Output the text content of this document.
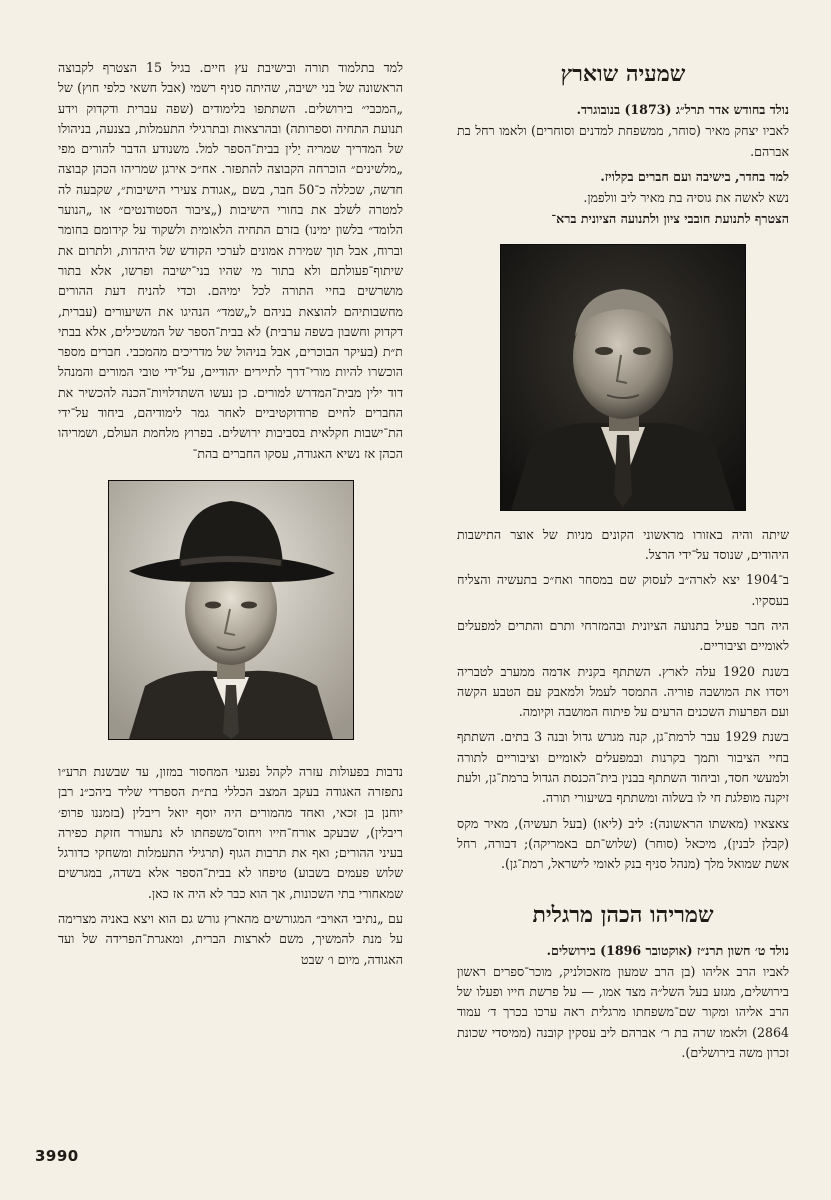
שמעיה שוארץ

נולד בחודש אדר תרל״ג (1873) בנובוגרד.

לאביו יצחק מאיר (סוחר, ממשפחת למדנים וסוחרים) ולאמו רחל בת אברהם.

למד בחדר, בישיבה ועם חברים בקלויז.

נשא לאשה את גוסיה בת מאיר ליב וולפמן.

הצטרף לתנועת חובבי ציון ולתנועה הציונית ברא־

שיתה והיה באזורו מראשוני הקונים מניות של אוצר התישבות היהודים, שנוסד על־ידי הרצל.

ב־1904 יצא לארה״ב לעסוק שם במסחר ואח״כ בתעשיה והצליח בעסקיו.

היה חבר פעיל בתנועה הציונית ובהמזרחי ותרם והתרים למפעלים לאומיים וציבוריים.

בשנת 1920 עלה לארץ. השתתף בקנית אדמה ממערב לטבריה ויסדו את המושבה פוריה. התמסר לעמל ולמאבק עם הטבע הקשה ועם הפרעות השכנים הרעים על פיתוח המושבה וקיומה.

בשנת 1929 עבר לרמת־גן, קנה מגרש גדול ובנה 3 בתים. השתתף בחיי הציבור ותמך בקרנות ובמפעלים לאומיים וציבוריים לתורה ולמעשי חסד, וביחוד השתתף בבנין בית־הכנסת הגדול ברמת־גן, ולעת זיקנה מופלגת חי לו בשלוה ומשתתף בשיעורי תורה.

צאצאיו (מאשתו הראשונה): ליב (ליאו) (בעל תעשיה), מאיר מקס (קבלן לבנין), מיכאל (סוחר) (שלוש־תם באמריקה); דבורה, רחל אשת שמואל מלך (מנהל סניף בנק לאומי לישראל, רמת־גן).

שמריהו הכהן מרגלית

נולד ט׳ חשון תרנ״ז (אוקטובר 1896) בירושלים.

לאביו הרב אליהו (בן הרב שמעון מזאכולניק, מוכר־ספרים ראשון בירושלים, מגזע בעל השל״ה מצד אמו, — על פרשת חייו ופעלו של הרב אליהו ומקור שם־משפחתו מרגלית ראה ערכו בכרך ד׳ עמוד 2864) ולאמו שרה בת ר׳ אברהם ליב עסקין קובנה (ממיסדי שכונת זכרון משה בירושלים).

למד בתלמוד תורה ובישיבת עץ חיים. בגיל 15 הצטרף לקבוצה הראשונה של בני ישיבה, שהיתה סניף רשמי (אבל חשאי כלפי חוץ) של „המכבי״ בירושלים. השתתפו בלימודים (שפה עברית ודקדוק וידע תנועת התחיה וספרותה) ובהרצאות ובתרגילי התעמלות, בצנעה, בניהולו של המדריך שמריה יַלין בבית־הספר למל. משנודע הדבר להורים מפי „מלשינים״ הוכרחה הקבוצה להתפזר. אח״כ אירגן שמריהו הכהן קבוצה חדשה, שכללה כ־50 חבר, בשם „אגודת צעירי הישיבות״, שקבעה לה למטרה לשלב את בחורי הישיבות („ציבור הסטודנטים״ או „הנוער הלומד״ בלשון ימינו) בזרם התחיה הלאומית ולשקוד על קידומם בחומר וברוח, אבל תוך שמירת אמונים לערכי הקודש של היהדות, ולתרום את שיתוף־פעולתם ולא בתור מי שהיו בני־ישיבה ופרשו, אלא בתור מושרשים בחיי התורה לכל ימיהם. וכדי להניח דעת ההורים מחשבותיהם להוצאת בניהם ל„שמד״ הנהיגו את השיעורים (עברית, דקדוק וחשבון בשפה ערבית) לא בבית־הספר של המשכילים, אלא בבתי ת״ת (בעיקר הבוכרים, אבל בניהול של מדריכים מהמכבי. חברים מספר הוכשרו להיות מורי־דרך לתיירים יהודיים, על־ידי טובי המורים והמנהל דוד ילין מבית־המדרש למורים. כן נעשו השתדלויות־הכנה להכשיר את החברים לחיים פרודוקטיביים לאחר גמר לימודיהם, ביחוד על־ידי הת־ישבות חקלאית בסביבות ירושלים. בפרוץ מלחמת העולם, ושמריהו הכהן אז נשיא האגודה, עסקו החברים בהת־

נדבות בפעולות עזרה לקהל נפגעי המחסור במזון, עד שבשנת תרע״ו נתפזרה האגודה בעקב המצב הכללי בת״ת הספרדי שליד ביהכ״נ רבן יוחנן בן זכאי, ואחד מהמורים היה יוסף יואל ריבלין (בזמננו פרופ׳ ריבלין), שבעקב אורח־חייו ויחוס־משפחתו לא נתעורר חזקת כפירה בעיני ההורים; ואף את תרבות הגוף (תרגילי התעמלות ומשחקי כדורגל שלוש פעמים בשבוע) טיפחו לא בבית־הספר אלא בשדה, במגרשים שמאחורי בתי השכונות, אך הוא כבר לא היה אז כאן.

עם „נתיבי האויב״ המגורשים מהארץ גורש גם הוא ויצא באניה מצרימה על מנת להמשיך, משם לארצות הברית, ומאגרת־הפרידה של ועד האגודה, מיום ו׳ שבט

3990
